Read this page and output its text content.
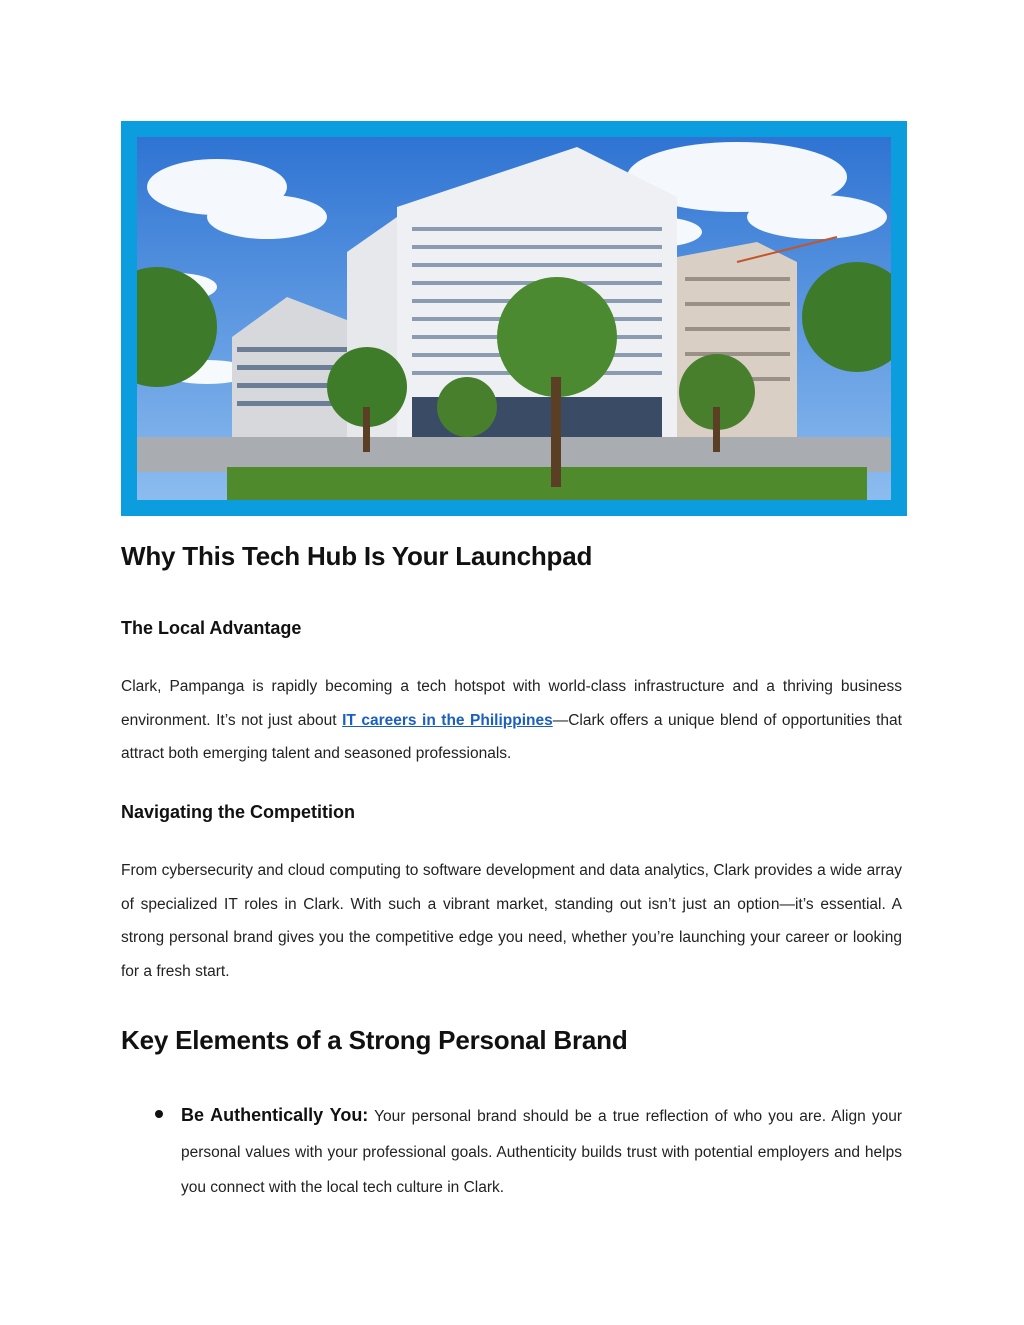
Why This Tech Hub Is Your Launchpad
The Local Advantage

Clark, Pampanga is rapidly becoming a tech hotspot with world-class infrastructure and a thriving business environment. It’s not just about IT careers in the Philippines—Clark offers a unique blend of opportunities that attract both emerging talent and seasoned professionals.

Navigating the Competition

From cybersecurity and cloud computing to software development and data analytics, Clark provides a wide array of specialized IT roles in Clark. With such a vibrant market, standing out isn’t just an option—it’s essential. A strong personal brand gives you the competitive edge you need, whether you’re launching your career or looking for a fresh start.

Key Elements of a Strong Personal Brand

Be Authentically You: Your personal brand should be a true reflection of who you are. Align your personal values with your professional goals. Authenticity builds trust with potential employers and helps you connect with the local tech culture in Clark.
